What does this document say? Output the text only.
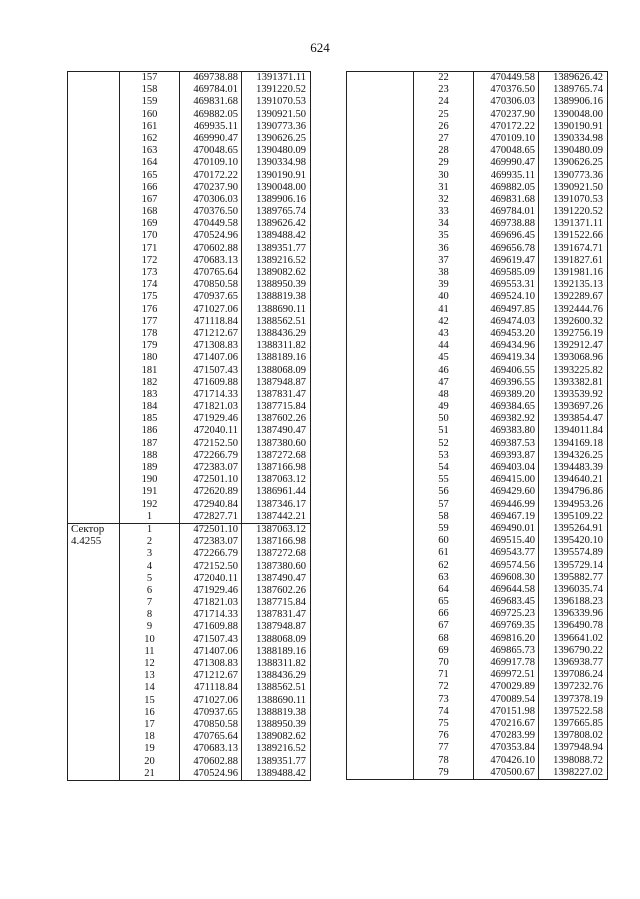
624
	157	469738.88	1391371.11
	158	469784.01	1391220.52
	159	469831.68	1391070.53
	160	469882.05	1390921.50
	161	469935.11	1390773.36
	162	469990.47	1390626.25
	163	470048.65	1390480.09
	164	470109.10	1390334.98
	165	470172.22	1390190.91
	166	470237.90	1390048.00
	167	470306.03	1389906.16
	168	470376.50	1389765.74
	169	470449.58	1389626.42
	170	470524.96	1389488.42
	171	470602.88	1389351.77
	172	470683.13	1389216.52
	173	470765.64	1389082.62
	174	470850.58	1388950.39
	175	470937.65	1388819.38
	176	471027.06	1388690.11
	177	471118.84	1388562.51
	178	471212.67	1388436.29
	179	471308.83	1388311.82
	180	471407.06	1388189.16
	181	471507.43	1388068.09
	182	471609.88	1387948.87
	183	471714.33	1387831.47
	184	471821.03	1387715.84
	185	471929.46	1387602.26
	186	472040.11	1387490.47
	187	472152.50	1387380.60
	188	472266.79	1387272.68
	189	472383.07	1387166.98
	190	472501.10	1387063.12
	191	472620.89	1386961.44
	192	472940.84	1387346.17
	1	472827.71	1387442.21
Сектор	1	472501.10	1387063.12
4.4255	2	472383.07	1387166.98
	3	472266.79	1387272.68
	4	472152.50	1387380.60
	5	472040.11	1387490.47
	6	471929.46	1387602.26
	7	471821.03	1387715.84
	8	471714.33	1387831.47
	9	471609.88	1387948.87
	10	471507.43	1388068.09
	11	471407.06	1388189.16
	12	471308.83	1388311.82
	13	471212.67	1388436.29
	14	471118.84	1388562.51
	15	471027.06	1388690.11
	16	470937.65	1388819.38
	17	470850.58	1388950.39
	18	470765.64	1389082.62
	19	470683.13	1389216.52
	20	470602.88	1389351.77
	21	470524.96	1389488.42
	22	470449.58	1389626.42
	23	470376.50	1389765.74
	24	470306.03	1389906.16
	25	470237.90	1390048.00
	26	470172.22	1390190.91
	27	470109.10	1390334.98
	28	470048.65	1390480.09
	29	469990.47	1390626.25
	30	469935.11	1390773.36
	31	469882.05	1390921.50
	32	469831.68	1391070.53
	33	469784.01	1391220.52
	34	469738.88	1391371.11
	35	469696.45	1391522.66
	36	469656.78	1391674.71
	37	469619.47	1391827.61
	38	469585.09	1391981.16
	39	469553.31	1392135.13
	40	469524.10	1392289.67
	41	469497.85	1392444.76
	42	469474.03	1392600.32
	43	469453.20	1392756.19
	44	469434.96	1392912.47
	45	469419.34	1393068.96
	46	469406.55	1393225.82
	47	469396.55	1393382.81
	48	469389.20	1393539.92
	49	469384.65	1393697.26
	50	469382.92	1393854.47
	51	469383.80	1394011.84
	52	469387.53	1394169.18
	53	469393.87	1394326.25
	54	469403.04	1394483.39
	55	469415.00	1394640.21
	56	469429.60	1394796.86
	57	469446.99	1394953.26
	58	469467.19	1395109.22
	59	469490.01	1395264.91
	60	469515.40	1395420.10
	61	469543.77	1395574.89
	62	469574.56	1395729.14
	63	469608.30	1395882.77
	64	469644.58	1396035.74
	65	469683.45	1396188.23
	66	469725.23	1396339.96
	67	469769.35	1396490.78
	68	469816.20	1396641.02
	69	469865.73	1396790.22
	70	469917.78	1396938.77
	71	469972.51	1397086.24
	72	470029.89	1397232.76
	73	470089.54	1397378.19
	74	470151.98	1397522.58
	75	470216.67	1397665.85
	76	470283.99	1397808.02
	77	470353.84	1397948.94
	78	470426.10	1398088.72
	79	470500.67	1398227.02
